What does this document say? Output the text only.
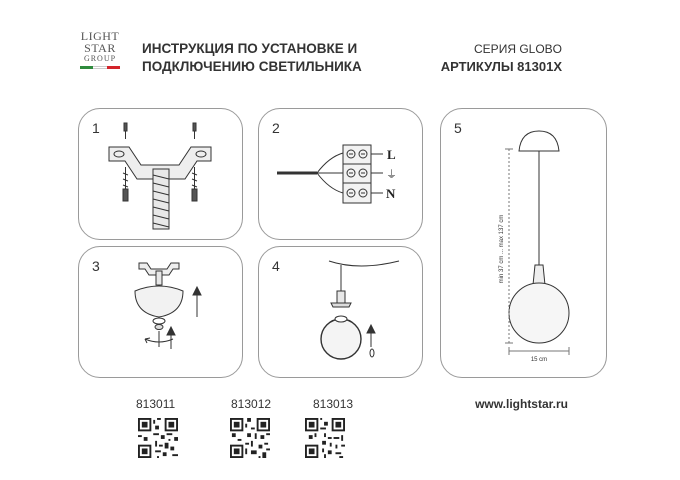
LIGHT
STAR
GROUP
ИНСТРУКЦИЯ ПО УСТАНОВКЕ И
ПОДКЛЮЧЕНИЮ СВЕТИЛЬНИКА
СЕРИЯ GLOBO
АРТИКУЛЫ 81301X
1	2
L
⏚
N
3	4
5
min 37 cm ... max 137 cm
15 cm
813011	813012	813013	www.lightstar.ru
